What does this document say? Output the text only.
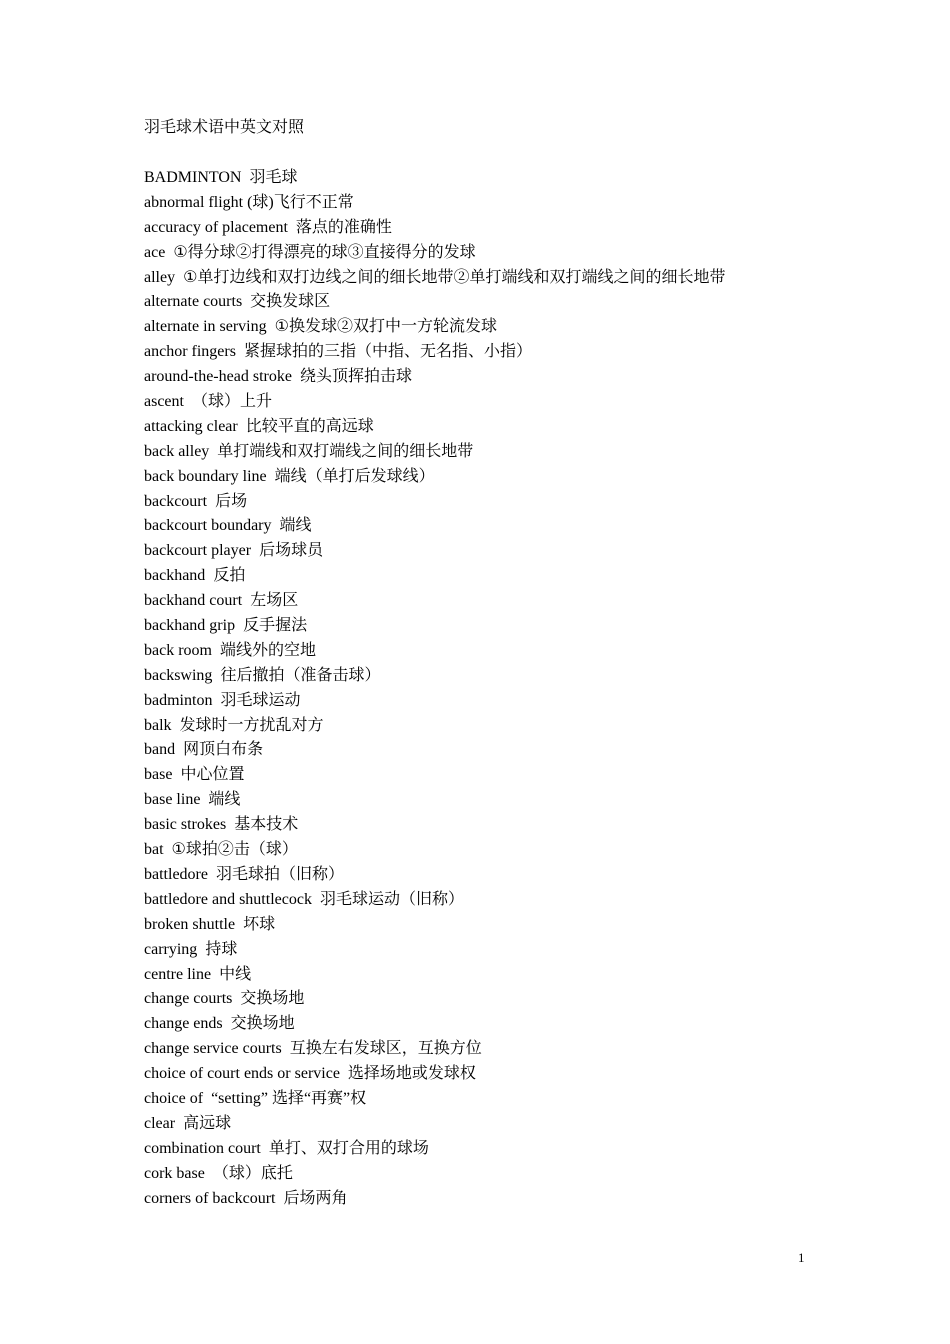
羽毛球术语中英文对照
BADMINTON 羽毛球
abnormal flight (球)飞行不正常
accuracy of placement 落点的准确性
ace ①得分球②打得漂亮的球③直接得分的发球
alley ①单打边线和双打边线之间的细长地带②单打端线和双打端线之间的细长地带
alternate courts 交换发球区
alternate in serving ①换发球②双打中一方轮流发球
anchor fingers 紧握球拍的三指（中指、无名指、小指）
around-the-head stroke 绕头顶挥拍击球
ascent （球）上升
attacking clear 比较平直的高远球
back alley 单打端线和双打端线之间的细长地带
back boundary line 端线（单打后发球线）
backcourt 后场
backcourt boundary 端线
backcourt player 后场球员
backhand 反拍
backhand court 左场区
backhand grip 反手握法
back room 端线外的空地
backswing 往后撤拍（准备击球）
badminton 羽毛球运动
balk 发球时一方扰乱对方
band 网顶白布条
base 中心位置
base line 端线
basic strokes 基本技术
bat ①球拍②击（球）
battledore 羽毛球拍（旧称）
battledore and shuttlecock 羽毛球运动（旧称）
broken shuttle 坏球
carrying 持球
centre line 中线
change courts 交换场地
change ends 交换场地
change service courts 互换左右发球区，互换方位
choice of court ends or service 选择场地或发球权
choice of “setting” 选择“再赛”权
clear 高远球
combination court 单打、双打合用的球场
cork base （球）底托
corners of backcourt 后场两角
1
